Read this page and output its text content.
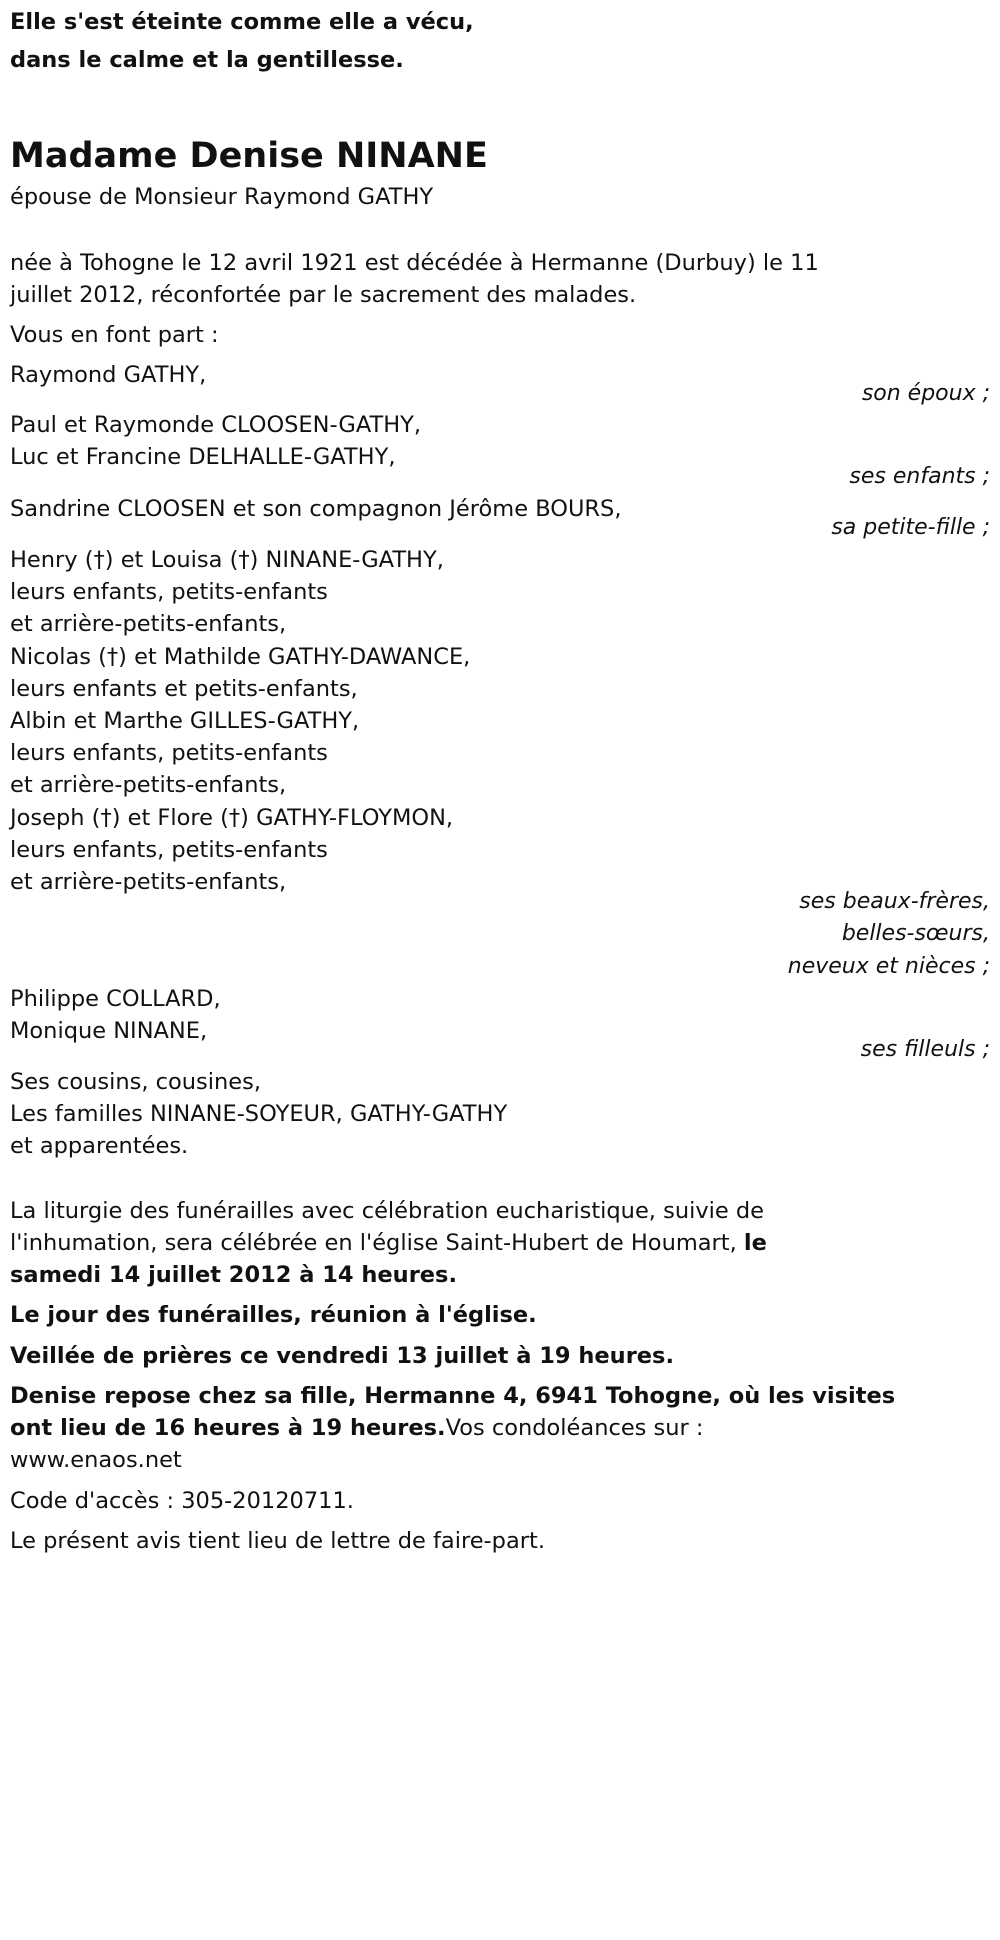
Elle s'est éteinte comme elle a vécu,
dans le calme et la gentillesse.
Madame Denise NINANE
épouse de Monsieur Raymond GATHY
née à Tohogne le 12 avril 1921 est décédée à Hermanne (Durbuy) le 11
juillet 2012, réconfortée par le sacrement des malades.
Vous en font part :
Raymond GATHY,
son époux ;
Paul et Raymonde CLOOSEN-GATHY,
Luc et Francine DELHALLE-GATHY,
ses enfants ;
Sandrine CLOOSEN et son compagnon Jérôme BOURS,
sa petite-fille ;
Henry (†) et Louisa (†) NINANE-GATHY,
leurs enfants, petits-enfants
et arrière-petits-enfants,
Nicolas (†) et Mathilde GATHY-DAWANCE,
leurs enfants et petits-enfants,
Albin et Marthe GILLES-GATHY,
leurs enfants, petits-enfants
et arrière-petits-enfants,
Joseph (†) et Flore (†) GATHY-FLOYMON,
leurs enfants, petits-enfants
et arrière-petits-enfants,
ses beaux-frères,
belles-sœurs,
neveux et nièces ;
Philippe COLLARD,
Monique NINANE,
ses filleuls ;
Ses cousins, cousines,
Les familles NINANE-SOYEUR, GATHY-GATHY
et apparentées.
La liturgie des funérailles avec célébration eucharistique, suivie de
l'inhumation, sera célébrée en l'église Saint-Hubert de Houmart, le
samedi 14 juillet 2012 à 14 heures.
Le jour des funérailles, réunion à l'église.
Veillée de prières ce vendredi 13 juillet à 19 heures.
Denise repose chez sa fille, Hermanne 4, 6941 Tohogne, où les visites
ont lieu de 16 heures à 19 heures.Vos condoléances sur :
www.enaos.net
Code d'accès : 305-20120711.
Le présent avis tient lieu de lettre de faire-part.
